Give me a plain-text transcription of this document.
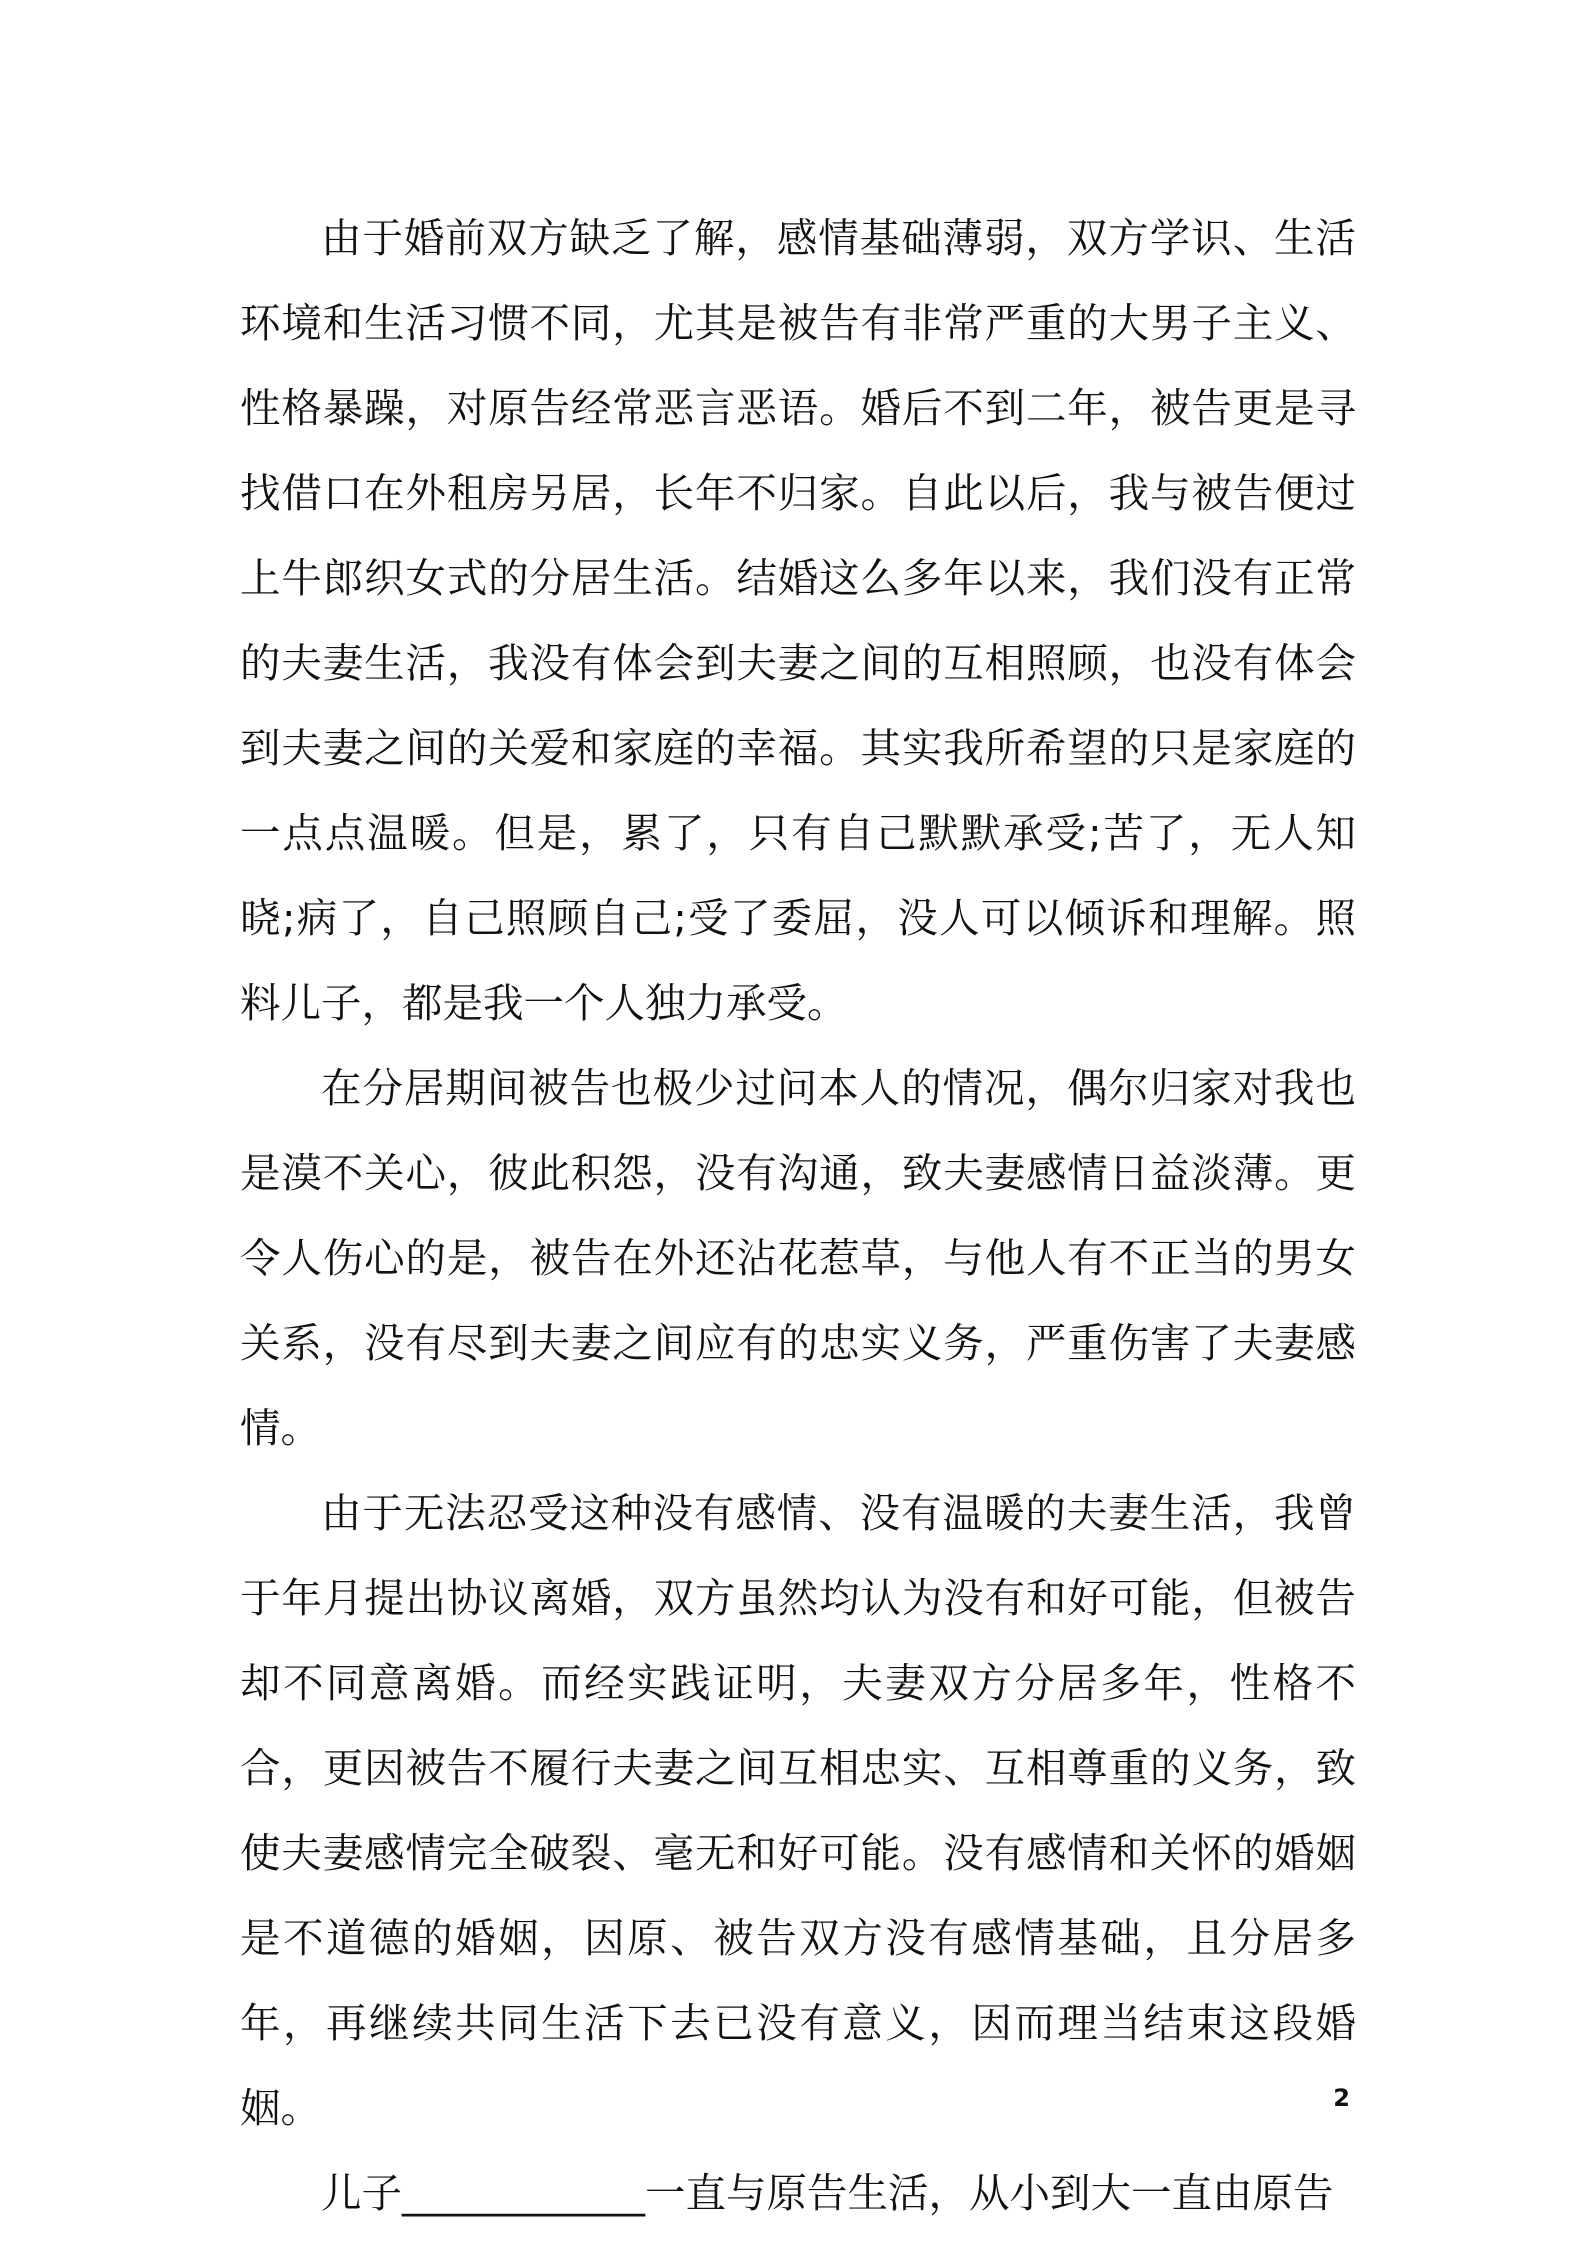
由于婚前双方缺乏了解，感情基础薄弱，双方学识、生活环境和生活习惯不同，尤其是被告有非常严重的大男子主义、性格暴躁，对原告经常恶言恶语。婚后不到二年，被告更是寻找借口在外租房另居，长年不归家。自此以后，我与被告便过上牛郎织女式的分居生活。结婚这么多年以来，我们没有正常的夫妻生活，我没有体会到夫妻之间的互相照顾，也没有体会到夫妻之间的关爱和家庭的幸福。其实我所希望的只是家庭的一点点温暖。但是，累了，只有自己默默承受;苦了，无人知晓;病了，自己照顾自己;受了委屈，没人可以倾诉和理解。照料儿子，都是我一个人独力承受。

在分居期间被告也极少过问本人的情况，偶尔归家对我也是漠不关心，彼此积怨，没有沟通，致夫妻感情日益淡薄。更令人伤心的是，被告在外还沾花惹草，与他人有不正当的男女关系，没有尽到夫妻之间应有的忠实义务，严重伤害了夫妻感情。

由于无法忍受这种没有感情、没有温暖的夫妻生活，我曾于年月提出协议离婚，双方虽然均认为没有和好可能，但被告却不同意离婚。而经实践证明，夫妻双方分居多年，性格不合，更因被告不履行夫妻之间互相忠实、互相尊重的义务，致使夫妻感情完全破裂、毫无和好可能。没有感情和关怀的婚姻是不道德的婚姻，因原、被告双方没有感情基础，且分居多年，再继续共同生活下去已没有意义，因而理当结束这段婚姻。

儿子____________一直与原告生活，从小到大一直由原告

2
